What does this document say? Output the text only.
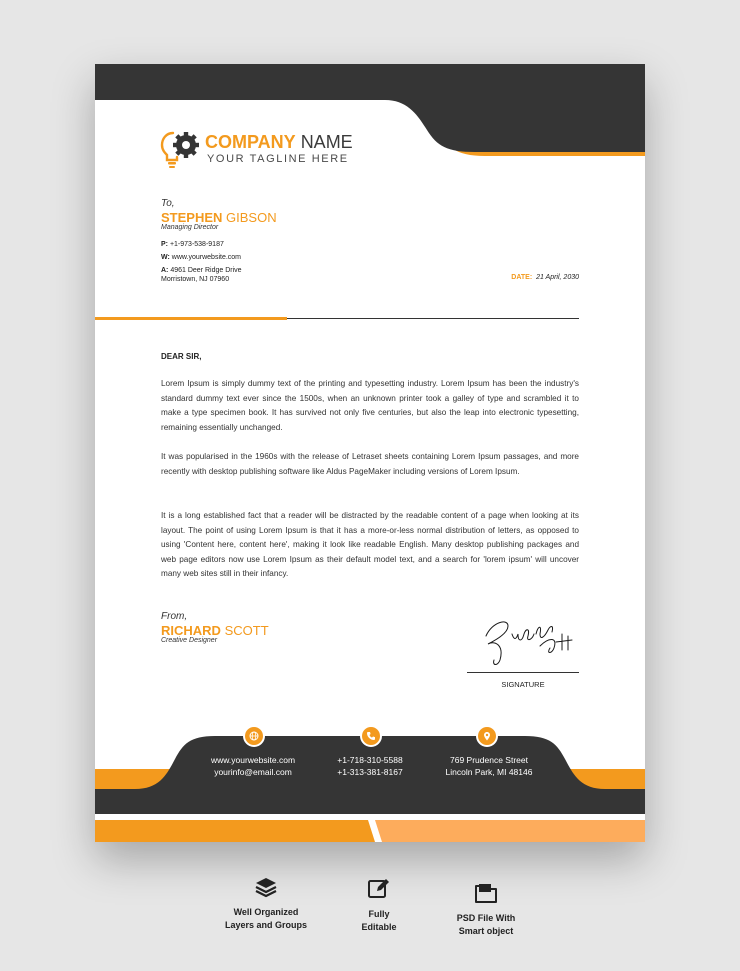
COMPANY NAME
YOUR TAGLINE HERE
To,
STEPHEN GIBSON
Managing Director
P: +1-973-538-9187
W: www.yourwebsite.com
A: 4961 Deer Ridge Drive
Morristown, NJ 07960	DATE: 21 April, 2030
DEAR SIR,

Lorem Ipsum is simply dummy text of the printing and typesetting industry. Lorem Ipsum has been the industry's standard dummy text ever since the 1500s, when an unknown printer took a galley of type and scrambled it to make a type specimen book. It has survived not only five centuries, but also the leap into electronic typesetting, remaining essentially unchanged.

It was popularised in the 1960s with the release of Letraset sheets containing Lorem Ipsum passages, and more recently with desktop publishing software like Aldus PageMaker including versions of Lorem Ipsum.

It is a long established fact that a reader will be distracted by the readable content of a page when looking at its layout. The point of using Lorem Ipsum is that it has a more-or-less normal distribution of letters, as opposed to using 'Content here, content here', making it look like readable English. Many desktop publishing packages and web page editors now use Lorem Ipsum as their default model text, and a search for 'lorem ipsum' will uncover many web sites still in their infancy.

From,
RICHARD SCOTT
Creative Designer
SIGNATURE
www.yourwebsite.com
yourinfo@email.com
+1-718-310-5588
+1-313-381-8167
769 Prudence Street
Lincoln Park, MI 48146
Well Organized
Layers and Groups
Fully
Editable
PSD File With
Smart object
